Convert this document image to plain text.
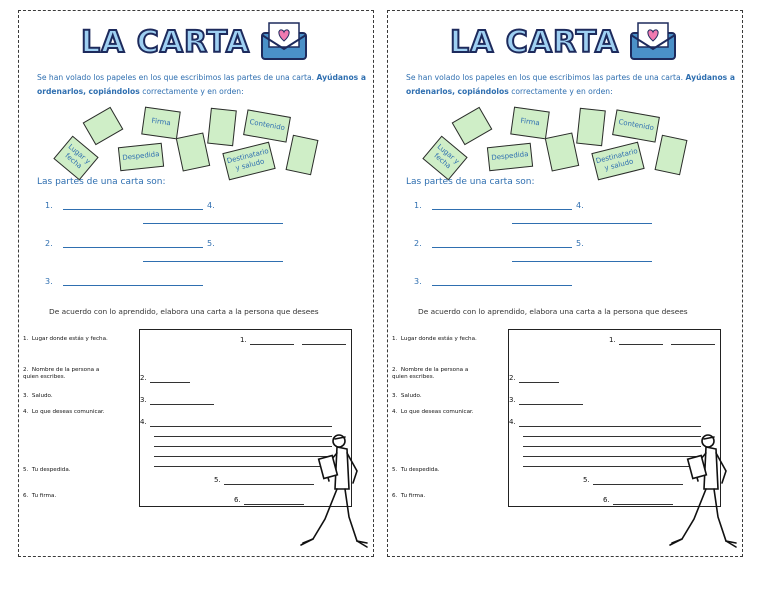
LA CARTA
Se han volado los papeles en los que escribimos las partes de una carta. Ayúdanos a ordenarlos, copiándolos correctamente y en orden:
Firma	Contenido
Lugar y fecha	Despedida	Destinatario y saludo
Las partes de una carta son:
1.	4.
2.	5.
3.
De acuerdo con lo aprendido, elabora una carta a la persona que desees
1. Lugar donde estás y fecha.
2. Nombre de la persona a quien escribes.
3. Saludo.
4. Lo que deseas comunicar.
5. Tu despedida.
6. Tu firma.
1.
2.
3.
4.
5.
6.
LA CARTA
Se han volado los papeles en los que escribimos las partes de una carta. Ayúdanos a ordenarlos, copiándolos correctamente y en orden:
Firma	Contenido
Lugar y fecha	Despedida	Destinatario y saludo
Las partes de una carta son:
1.	4.
2.	5.
3.
De acuerdo con lo aprendido, elabora una carta a la persona que desees
1. Lugar donde estás y fecha.
2. Nombre de la persona a quien escribes.
3. Saludo.
4. Lo que deseas comunicar.
5. Tu despedida.
6. Tu firma.
1.
2.
3.
4.
5.
6.
